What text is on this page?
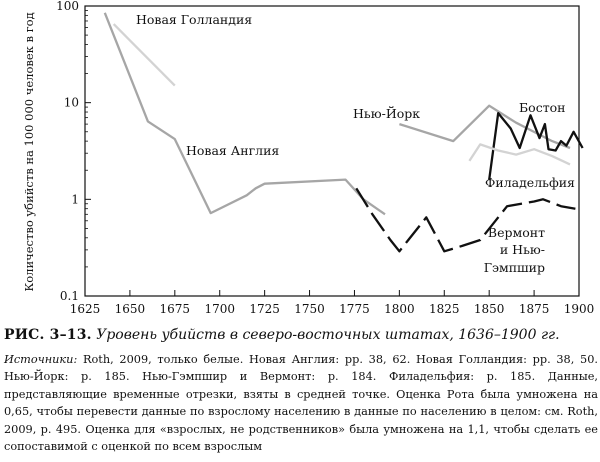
0.1
1
10
100
1625 1650 1675 1700 1725 1750 1775 1800 1825 1850 1875 1900
Новая Голландия
Новая Англия
Нью-Йорк	Бостон
Филадельфия
Вермонт
и Нью-
Гэмпшир
Количество убийств на 100 000 человек в год
РИС. 3–13. Уровень убийств в северо-восточных штатах, 1636–1900 гг.
Источники: Roth, 2009, только белые. Новая Англия: pp. 38, 62. Новая Голландия: pp. 38, 50. Нью-Йорк: p. 185. Нью-Гэмпшир и Вермонт: p. 184. Филадельфия: p. 185. Данные, представляющие временные отрезки, взяты в средней точке. Оценка Рота была умножена на 0,65, чтобы перевести данные по взрослому населению в данные по населению в целом: см. Roth, 2009, p. 495. Оценка для «взрослых, не родственников» была умножена на 1,1, чтобы сделать ее сопоставимой с оценкой по всем взрослым
